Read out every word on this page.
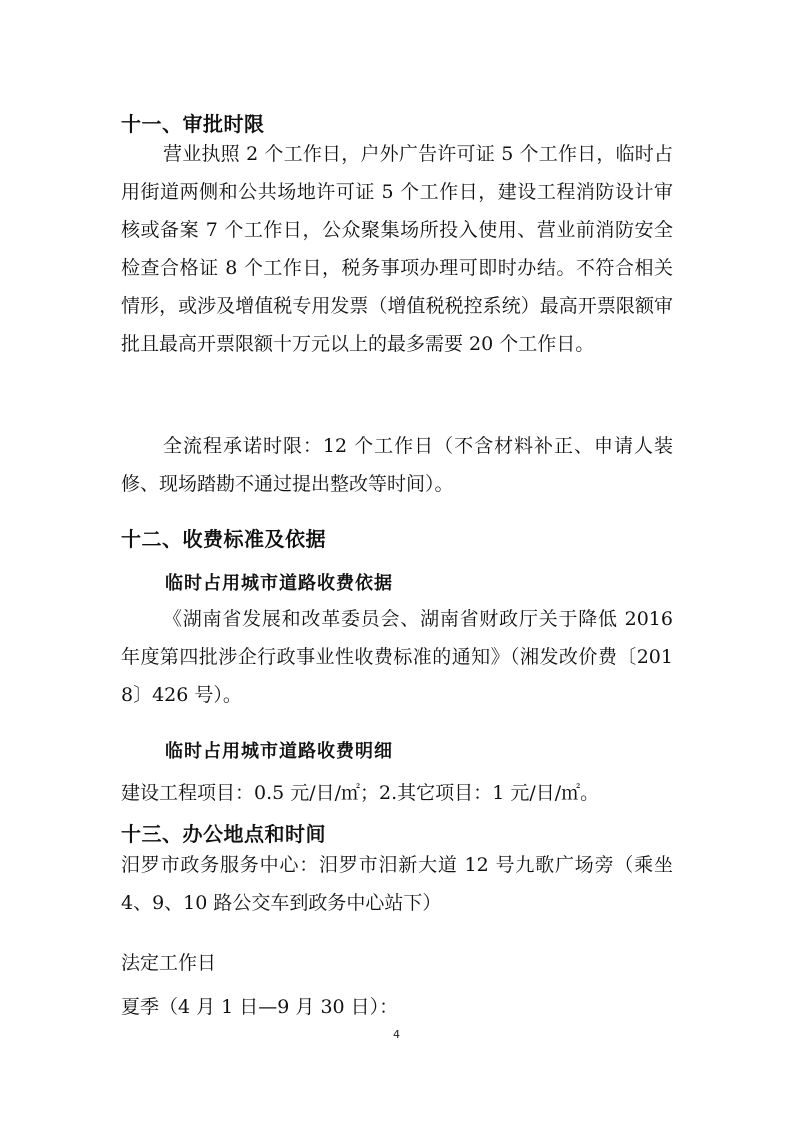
十一、审批时限
营业执照 2 个工作日，户外广告许可证 5 个工作日，临时占用街道两侧和公共场地许可证 5 个工作日，建设工程消防设计审核或备案 7 个工作日，公众聚集场所投入使用、营业前消防安全检查合格证 8 个工作日，税务事项办理可即时办结。不符合相关情形，或涉及增值税专用发票（增值税税控系统）最高开票限额审批且最高开票限额十万元以上的最多需要 20 个工作日。
全流程承诺时限：12 个工作日（不含材料补正、申请人装修、现场踏勘不通过提出整改等时间）。
十二、收费标准及依据
临时占用城市道路收费依据
《湖南省发展和改革委员会、湖南省财政厅关于降低 2016 年度第四批涉企行政事业性收费标准的通知》（湘发改价费〔2018〕426 号）。
临时占用城市道路收费明细
建设工程项目：0.5 元/日/㎡；2.其它项目：1 元/日/㎡。
十三、办公地点和时间
汨罗市政务服务中心：汨罗市汨新大道 12 号九歌广场旁（乘坐 4、9、10 路公交车到政务中心站下）
法定工作日
夏季（4 月 1 日—9 月 30 日）：
4
